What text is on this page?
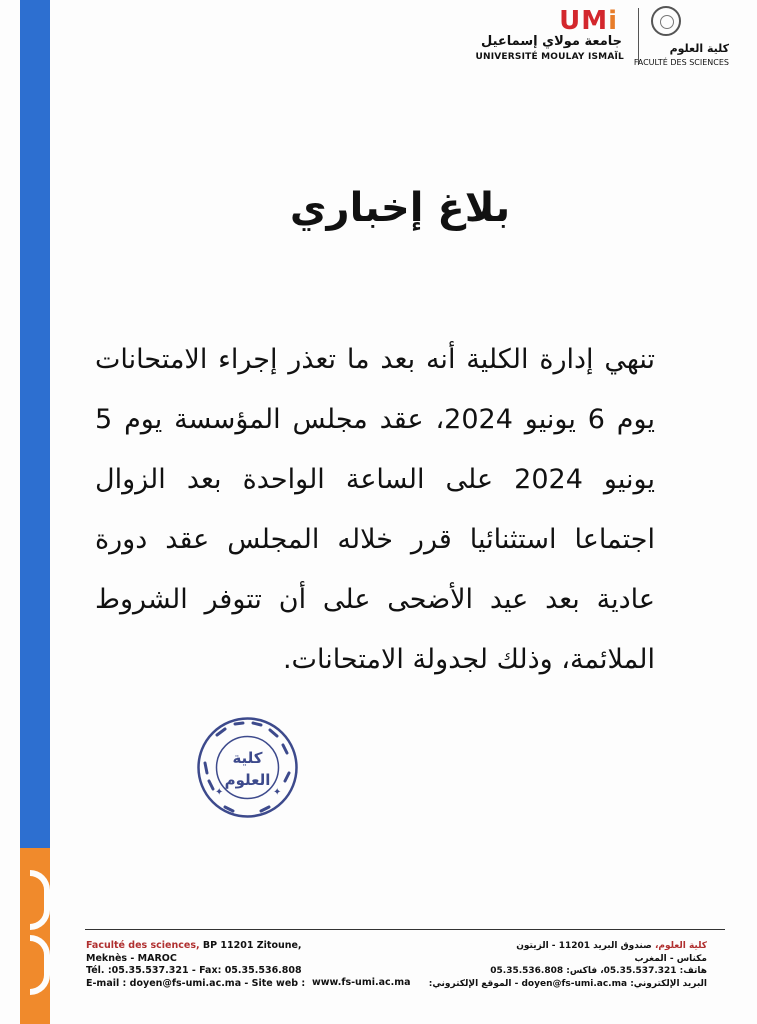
UMi
جامعة مولاي إسماعيل
UNIVERSITÉ MOULAY ISMAÏL
كلية العلوم
FACULTÉ DES SCIENCES
بلاغ إخباري
تنهي إدارة الكلية أنه بعد ما تعذر إجراء الامتحانات يوم 6 يونيو 2024، عقد مجلس المؤسسة يوم 5 يونيو 2024 على الساعة الواحدة بعد الزوال اجتماعا استثنائيا قرر خلاله المجلس عقد دورة عادية بعد عيد الأضحى على أن تتوفر الشروط الملائمة، وذلك لجدولة الامتحانات.
✦	✦
كلية
العلوم
Faculté des sciences, BP 11201 Zitoune,
Meknès - MAROC
Tél. :05.35.537.321 - Fax: 05.35.536.808
E-mail : doyen@fs-umi.ac.ma - Site web : www.fs-umi.ac.ma
كلية العلوم، صندوق البريد 11201 - الزيتون
مكناس - المغرب
هاتف: 05.35.537.321، فاكس: 05.35.536.808
البريد الإلكتروني: doyen@fs-umi.ac.ma - الموقع الإلكتروني:
